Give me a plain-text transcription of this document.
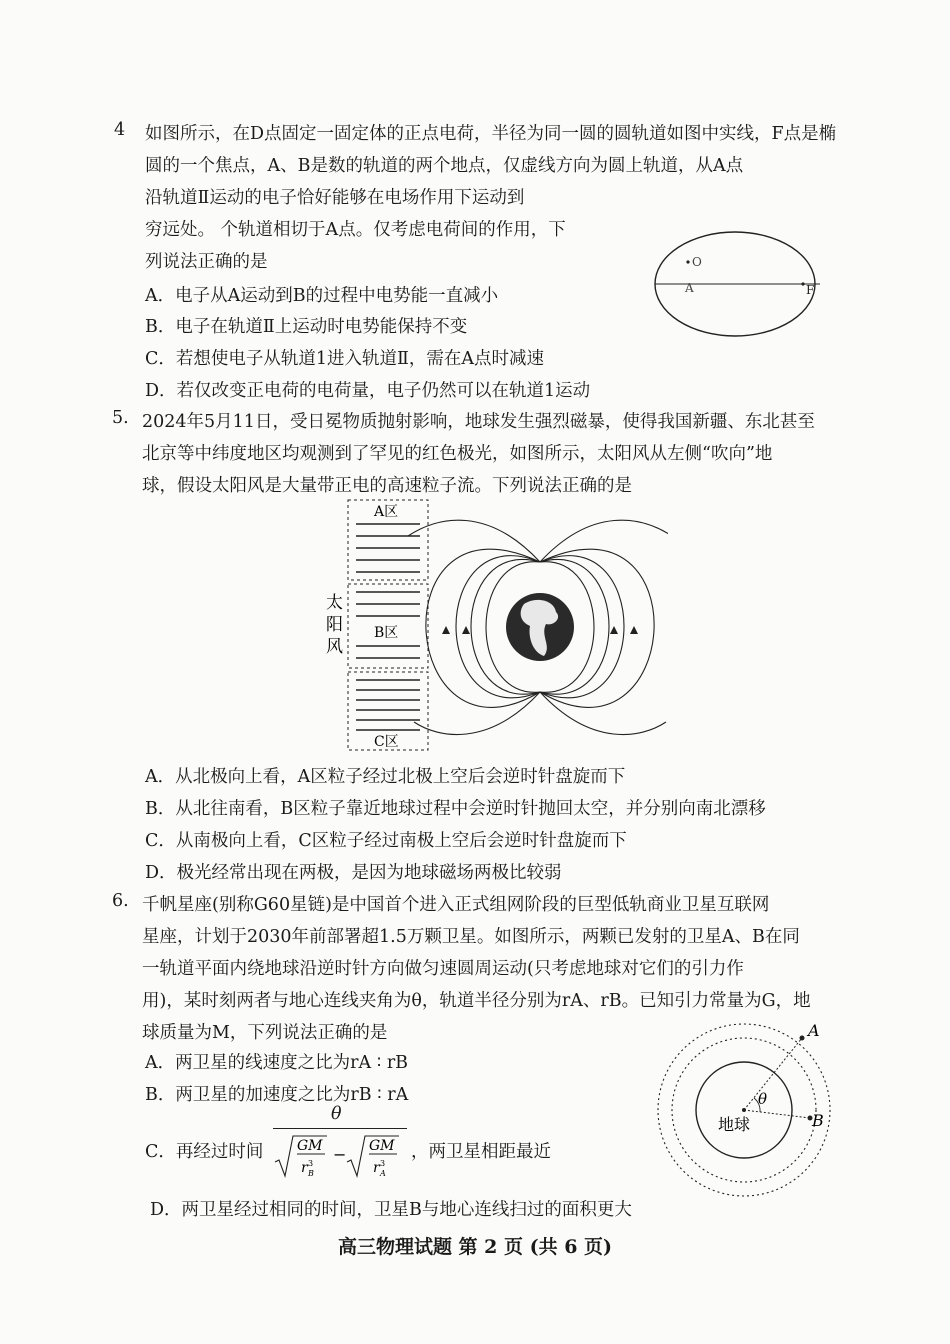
4 如图所示，在D点固定一固定体的正点电荷，半径为同一圆的圆轨道如图中实线，F点是椭
圆的一个焦点，A、B是数的轨道的两个地点，仅虚线方向为圆上轨道，从A点
沿轨道Ⅱ运动的电子恰好能够在电场作用下运动到
穷远处。 个轨道相切于A点。仅考虑电荷间的作用，下
列说法正确的是
A．电子从A运动到B的过程中电势能一直减小
B．电子在轨道Ⅱ上运动时电势能保持不变
C．若想使电子从轨道1进入轨道Ⅱ，需在A点时减速
D．若仅改变正电荷的电荷量，电子仍然可以在轨道1运动
O
A	F
5. 2024年5月11日，受日冕物质抛射影响，地球发生强烈磁暴，使得我国新疆、东北甚至
北京等中纬度地区均观测到了罕见的红色极光，如图所示，太阳风从左侧“吹向”地
球，假设太阳风是大量带正电的高速粒子流。下列说法正确的是
太
阳
风
A区
B区
C区
A．从北极向上看，A区粒子经过北极上空后会逆时针盘旋而下
B．从北往南看，B区粒子靠近地球过程中会逆时针抛回太空，并分别向南北漂移
C．从南极向上看，C区粒子经过南极上空后会逆时针盘旋而下
D．极光经常出现在两极，是因为地球磁场两极比较弱
6. 千帆星座(别称G60星链)是中国首个进入正式组网阶段的巨型低轨商业卫星互联网
星座，计划于2030年前部署超1.5万颗卫星。如图所示，两颗已发射的卫星A、B在同
一轨道平面内绕地球沿逆时针方向做匀速圆周运动(只考虑地球对它们的引力作
用)，某时刻两者与地心连线夹角为θ，轨道半径分别为rA、rB。已知引力常量为G，地
球质量为M，下列说法正确的是
A．两卫星的线速度之比为rA ∶ rB
B．两卫星的加速度之比为rB ∶ rA
C．再经过时间
θ
GM
r B
3 − GM
r A
3
，两卫星相距最近
D．两卫星经过相同的时间，卫星B与地心连线扫过的面积更大
θ
A
B
地球
高三物理试题 第 2 页 (共 6 页)
